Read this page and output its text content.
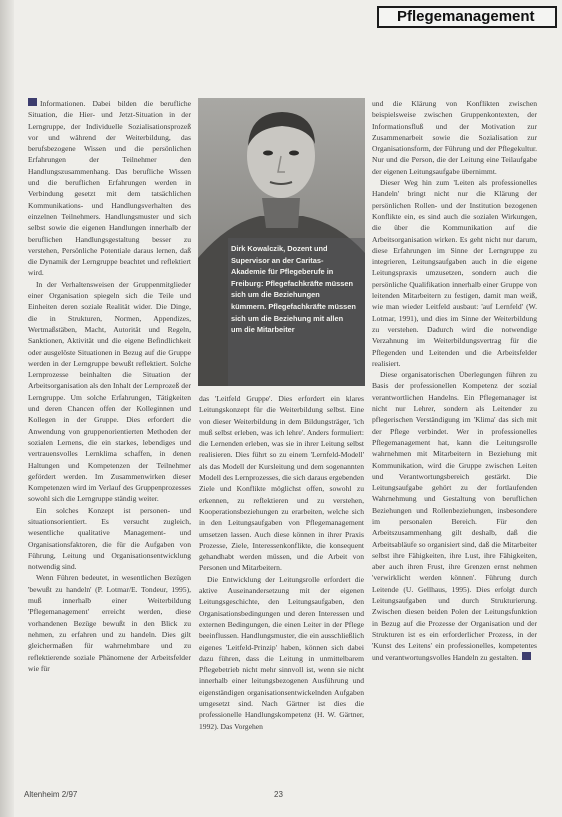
Pflegemanagement

Informationen. Dabei bilden die berufliche Situation, die Hier- und Jetzt-Situation in der Lerngruppe, der Individuelle Sozialisationsprozeß vor und während der Weiterbildung, das berufsbezogene Wissen und die persönlichen Erfahrungen der Teilnehmer den Handlungszusammenhang. Das berufliche Wissen und die beruflichen Erfahrungen werden in Verbindung gesetzt mit dem tatsächlichen Kommunikations- und Handlungsverhalten des einzelnen Teilnehmers. Handlungsmuster und sich selbst sowie die eigenen Handlungen innerhalb der beruflichen Handlungsgestaltung besser zu verstehen, Persönliche Potentiale daraus lernen, daß die Dynamik der Lerngruppe beachtet und reflektiert wird.

In der Verhaltensweisen der Gruppenmitglieder einer Organisation spiegeln sich die Teile und Einheiten deren soziale Realität wider. Die Dinge, die in Strukturen, Normen, Appendizes, Wertmaßstäben, Macht, Autorität und Regeln, Sanktionen, Aktivität und die eigene Befindlichkeit oder ausgelöste Situationen in Bezug auf die Gruppe werden in der Lerngruppe bewußt reflektiert. Solche Lernprozesse beinhalten die Situation der Arbeitsorganisation als den Inhalt der Lernprozeß der Lerngruppe. Um solche Erfahrungen, Tätigkeiten und deren Chancen offen der Kolleginnen und Kollegen in der Gruppe. Dies erfordert die Anwendung von gruppenorientierten Methoden der sozialen Lernens, die ein starkes, lebendiges und vertrauensvolles Lernklima schaffen, in denen Haltungen und Kompetenzen der Teilnehmer gefördert werden. Im Zusammenwirken dieser Kompetenzen wird im Verlauf des Gruppenprozesses sowohl sich die Lerngruppe ständig weiter.

Ein solches Konzept ist personen- und situationsorientiert. Es versucht zugleich, wesentliche qualitative Management- und Organisationsfaktoren, die für die Aufgaben von Führung, Leitung und Organisationsentwicklung notwendig sind.

Wenn Führen bedeutet, in wesentlichen Bezügen 'bewußt zu handeln' (P. Lotmar/E. Tondeur, 1995), muß innerhalb einer Weiterbildung 'Pflegemanagement' erreicht werden, diese vorhandenen Bezüge bewußt in den Blick zu nehmen, zu erfahren und zu handeln. Dies gilt gleichermaßen für wahrnehmbare und zu reflektierende soziale Phänomene der Arbeitsfelder wie für

Dirk Kowalczik, Dozent und Supervisor an der Caritas-Akademie für Pflegeberufe in Freiburg: Pflegefachkräfte müssen sich um die Beziehungen kümmern. Pflegefachkräfte müssen sich um die Beziehung mit allen um die Mitarbeiter

das 'Leitfeld Gruppe'. Dies erfordert ein klares Leitungskonzept für die Weiterbildung selbst. Eine von dieser Weiterbildung in dem Bildungsträger, 'ich muß selbst erleben, was ich lehre'. Anders formuliert: die Lernenden erleben, was sie in ihrer Leitung selbst realisieren. Dies führt so zu einem 'Lernfeld-Modell' als das Modell der Kursleitung und dem sogenannten Modell des Lernprozesses, die sich daraus ergebenden Ziele und Konflikte möglichst offen, sowohl zu erkennen, zu reflektieren und zu verstehen, Kooperationsbeziehungen zu erarbeiten, welche sich in den Leitungsaufgaben von Pflegemanagement umsetzen lassen. Auch diese können in ihrer Praxis Prozesse, Ziele, Interessenkonflikte, die konsequent gehandhabt werden müssen, und die Arbeit von Personen und Mitarbeitern.

Die Entwicklung der Leitungsrolle erfordert die aktive Auseinandersetzung mit der eigenen Leitungsgeschichte, den Leitungsaufgaben, den Organisationsbedingungen und deren Interessen und externen Bedingungen, die einen Leiter in der Pflege beeinflussen. Handlungsmuster, die ein ausschließlich eigenes 'Leitfeld-Prinzip' haben, können sich dabei dazu führen, dass die Leitung in unmittelbarem Pflegebetrieb nicht mehr sinnvoll ist, wenn sie nicht innerhalb einer leitungsbezogenen Ausführung und eigenständigen organisationsentwickelnden Aufgaben umgesetzt sind. Nach Gärtner ist dies die professionelle Handlungskompetenz (H. W. Gärtner, 1992). Das Vorgehen

und die Klärung von Konflikten zwischen beispielsweise zwischen Gruppenkontexten, der Informationsfluß und der Motivation zur Zusammenarbeit sowie die Sozialisation zur Organisationsform, der Führung und der Pflegekultur. Nur und die Person, die der Leitung eine Teilaufgabe der eigenen Leitungsaufgabe übernimmt.

Dieser Weg hin zum 'Leiten als professionelles Handeln' bringt nicht nur die Klärung der persönlichen Rollen- und der Institution bezogenen Konflikte ein, es sind auch die sozialen Wirkungen, die über die Kommunikation auf die Arbeitsorganisation wirken. Es geht nicht nur darum, diese Erfahrungen im Sinne der Lerngruppe zu integrieren, Leitungsaufgaben auch in die eigene Leitungspraxis umzusetzen, sondern auch die persönliche Qualifikation innerhalb einer Gruppe von leitenden Mitarbeitern zu festigen, damit man weiß, wie man wieder Leitfeld ausbaut: 'auf Lernfeld' (W. Lotmar, 1991), und dies im Sinne der Weiterbildung zu verstehen. Dadurch wird die notwendige Verzahnung im Weiterbildungsvertrag für die Pflegenden und Leitenden und die Arbeitsfelder realisiert.

Diese organisatorischen Überlegungen führen zu Basis der professionellen Kompetenz der sozial verantwortlichen Handelns. Ein Pflegemanager ist nicht nur Lehrer, sondern als Leitender zu pflegerischen Verständigung im 'Klima' das sich mit der Pflege verbindet. Wer in professionelles Pflegemanagement hat, kann die Leitungsrolle wahrnehmen mit Mitarbeitern in Beziehung mit Kommunikation, wird die Gruppe zwischen Leiten und Verantwortungsbereich gestärkt. Die Leitungsaufgabe gehört zu der fortlaufenden Wahrnehmung und Gestaltung von beruflichen Beziehungen und Rollenbeziehungen, insbesondere im personalen Bereich. Für den Arbeitszusammenhang gilt deshalb, daß die Arbeitsabläufe so organisiert sind, daß die Mitarbeiter selbst ihre Fähigkeiten, ihre Lust, ihre Fähigkeiten, aber auch ihren Frust, ihre Grenzen ernst nehmen 'verwirklicht werden können'. Führung durch Leitende (U. Gellhaus, 1995). Dies erfolgt durch Leitungsaufgaben und durch Strukturierung. Zwischen diesen beiden Polen der Leitungsfunktion in Bezug auf die Prozesse der Organisation und der Strukturen ist es ein erforderlicher Prozess, in der 'Kunst des Leitens' ein professionelles, kompetentes und verantwortungsvolles Handeln zu gestalten.

Altenheim 2/97	23
